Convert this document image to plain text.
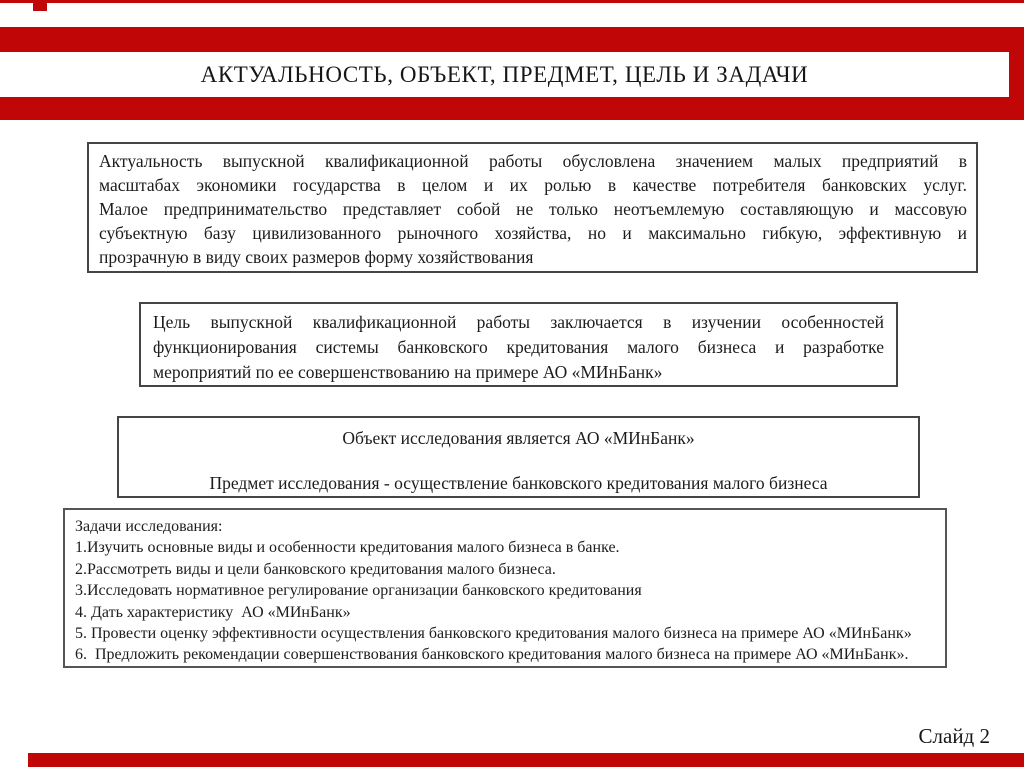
АКТУАЛЬНОСТЬ, ОБЪЕКТ, ПРЕДМЕТ, ЦЕЛЬ И ЗАДАЧИ
Актуальность выпускной квалификационной работы обусловлена значением малых предприятий в
масштабах экономики государства в целом и их ролью в качестве потребителя банковских услуг.
Малое предпринимательство представляет собой не только неотъемлемую составляющую и массовую
субъектную базу цивилизованного рыночного хозяйства, но и максимально гибкую, эффективную и
прозрачную в виду своих размеров форму хозяйствования
Цель выпускной квалификационной работы заключается в изучении особенностей
функционирования системы банковского кредитования малого бизнеса и разработке
мероприятий по ее совершенствованию на примере АО «МИнБанк»
Объект исследования является АО «МИнБанк»
Предмет исследования - осуществление банковского кредитования малого бизнеса
Задачи исследования:
1.Изучить основные виды и особенности кредитования малого бизнеса в банке.
2.Рассмотреть виды и цели банковского кредитования малого бизнеса.
3.Исследовать нормативное регулирование организации банковского кредитования
4. Дать характеристику  АО «МИнБанк»
5. Провести оценку эффективности осуществления банковского кредитования малого бизнеса на примере АО «МИнБанк»
6.  Предложить рекомендации совершенствования банковского кредитования малого бизнеса на примере АО «МИнБанк».
Слайд 2
